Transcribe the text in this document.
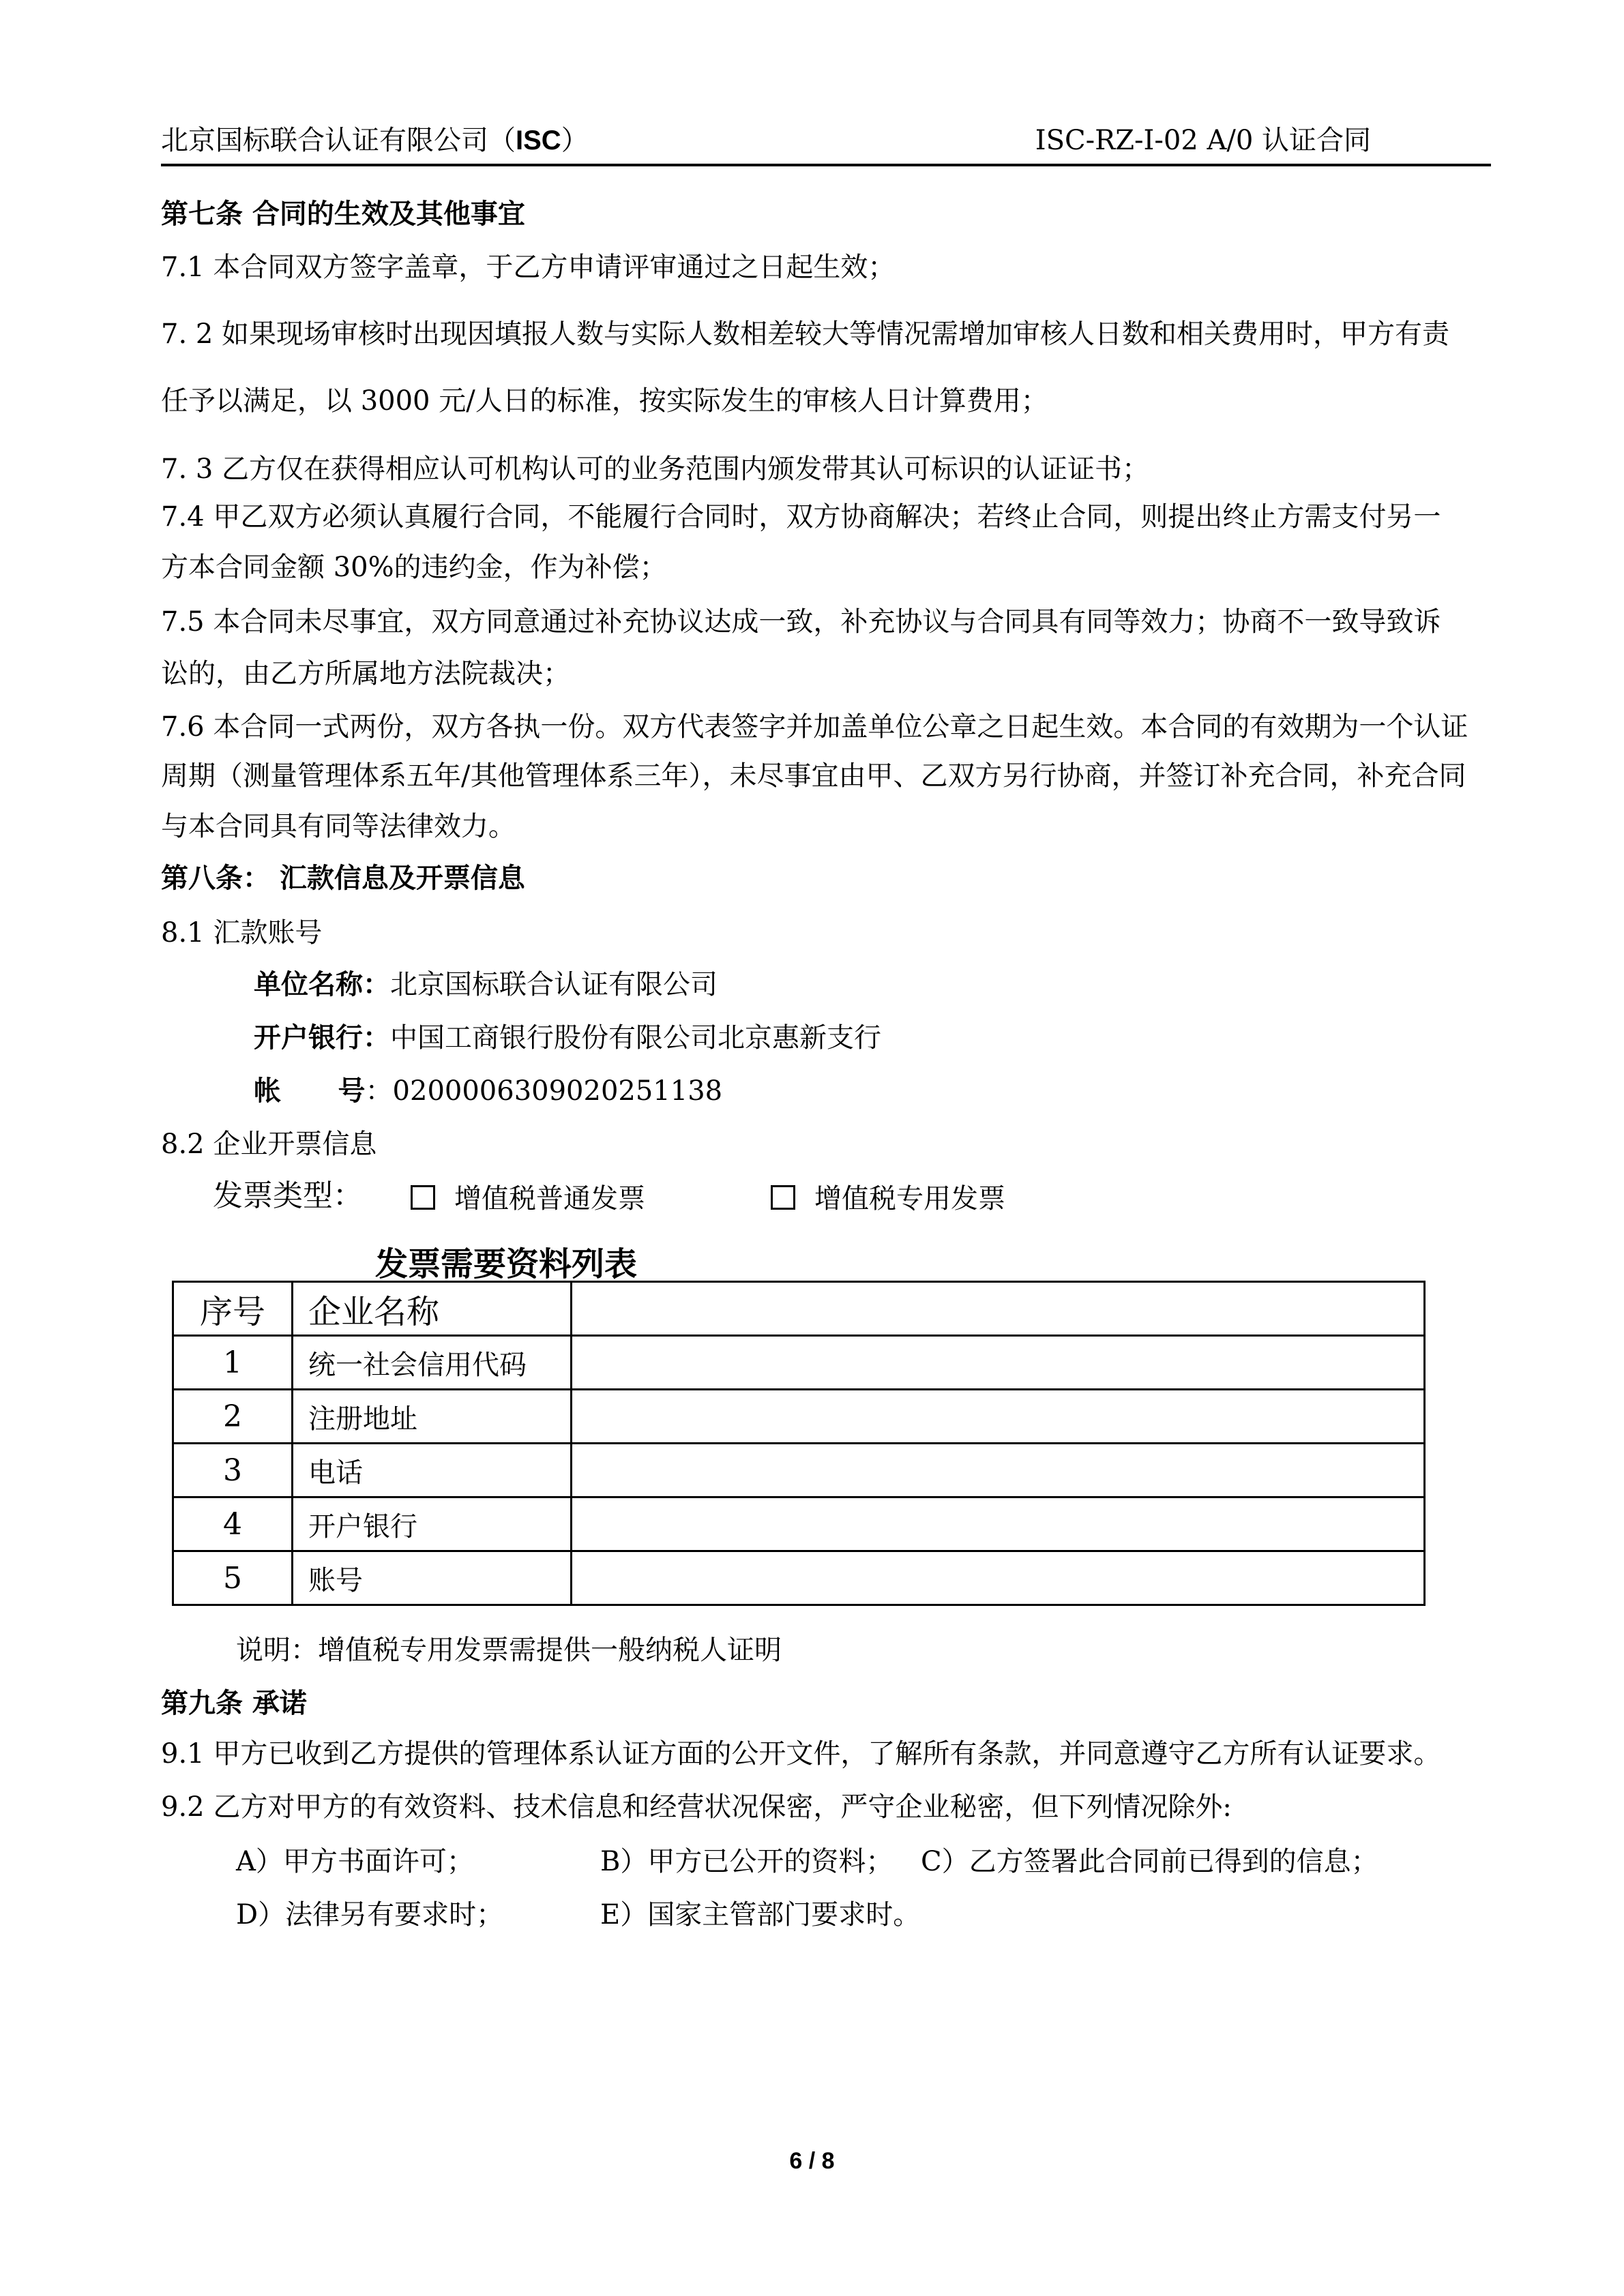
北京国标联合认证有限公司（ISC）	ISC-RZ-I-02 A/0 认证合同
第七条 合同的生效及其他事宜
7.1 本合同双方签字盖章，于乙方申请评审通过之日起生效；
7. 2 如果现场审核时出现因填报人数与实际人数相差较大等情况需增加审核人日数和相关费用时，甲方有责
任予以满足，以 3000 元/人日的标准，按实际发生的审核人日计算费用；
7. 3 乙方仅在获得相应认可机构认可的业务范围内颁发带其认可标识的认证证书；
7.4 甲乙双方必须认真履行合同，不能履行合同时，双方协商解决；若终止合同，则提出终止方需支付另一
方本合同金额 30%的违约金，作为补偿；
7.5 本合同未尽事宜，双方同意通过补充协议达成一致，补充协议与合同具有同等效力；协商不一致导致诉
讼的，由乙方所属地方法院裁决；
7.6 本合同一式两份，双方各执一份。双方代表签字并加盖单位公章之日起生效。本合同的有效期为一个认证
周期（测量管理体系五年/其他管理体系三年），未尽事宜由甲、乙双方另行协商，并签订补充合同，补充合同
与本合同具有同等法律效力。
第八条： 汇款信息及开票信息
8.1 汇款账号
单位名称：北京国标联合认证有限公司
开户银行：中国工商银行股份有限公司北京惠新支行
帐      号：0200006309020251138
8.2 企业开票信息
发票类型：	增值税普通发票	增值税专用发票
发票需要资料列表
序号	企业名称	
1	统一社会信用代码	
2	注册地址	
3	电话	
4	开户银行	
5	账号	
说明：增值税专用发票需提供一般纳税人证明
第九条 承诺
9.1 甲方已收到乙方提供的管理体系认证方面的公开文件，了解所有条款，并同意遵守乙方所有认证要求。
9.2 乙方对甲方的有效资料、技术信息和经营状况保密，严守企业秘密，但下列情况除外:
A）甲方书面许可；	B）甲方已公开的资料； C）乙方签署此合同前已得到的信息；
D）法律另有要求时；	E）国家主管部门要求时。
6 / 8
